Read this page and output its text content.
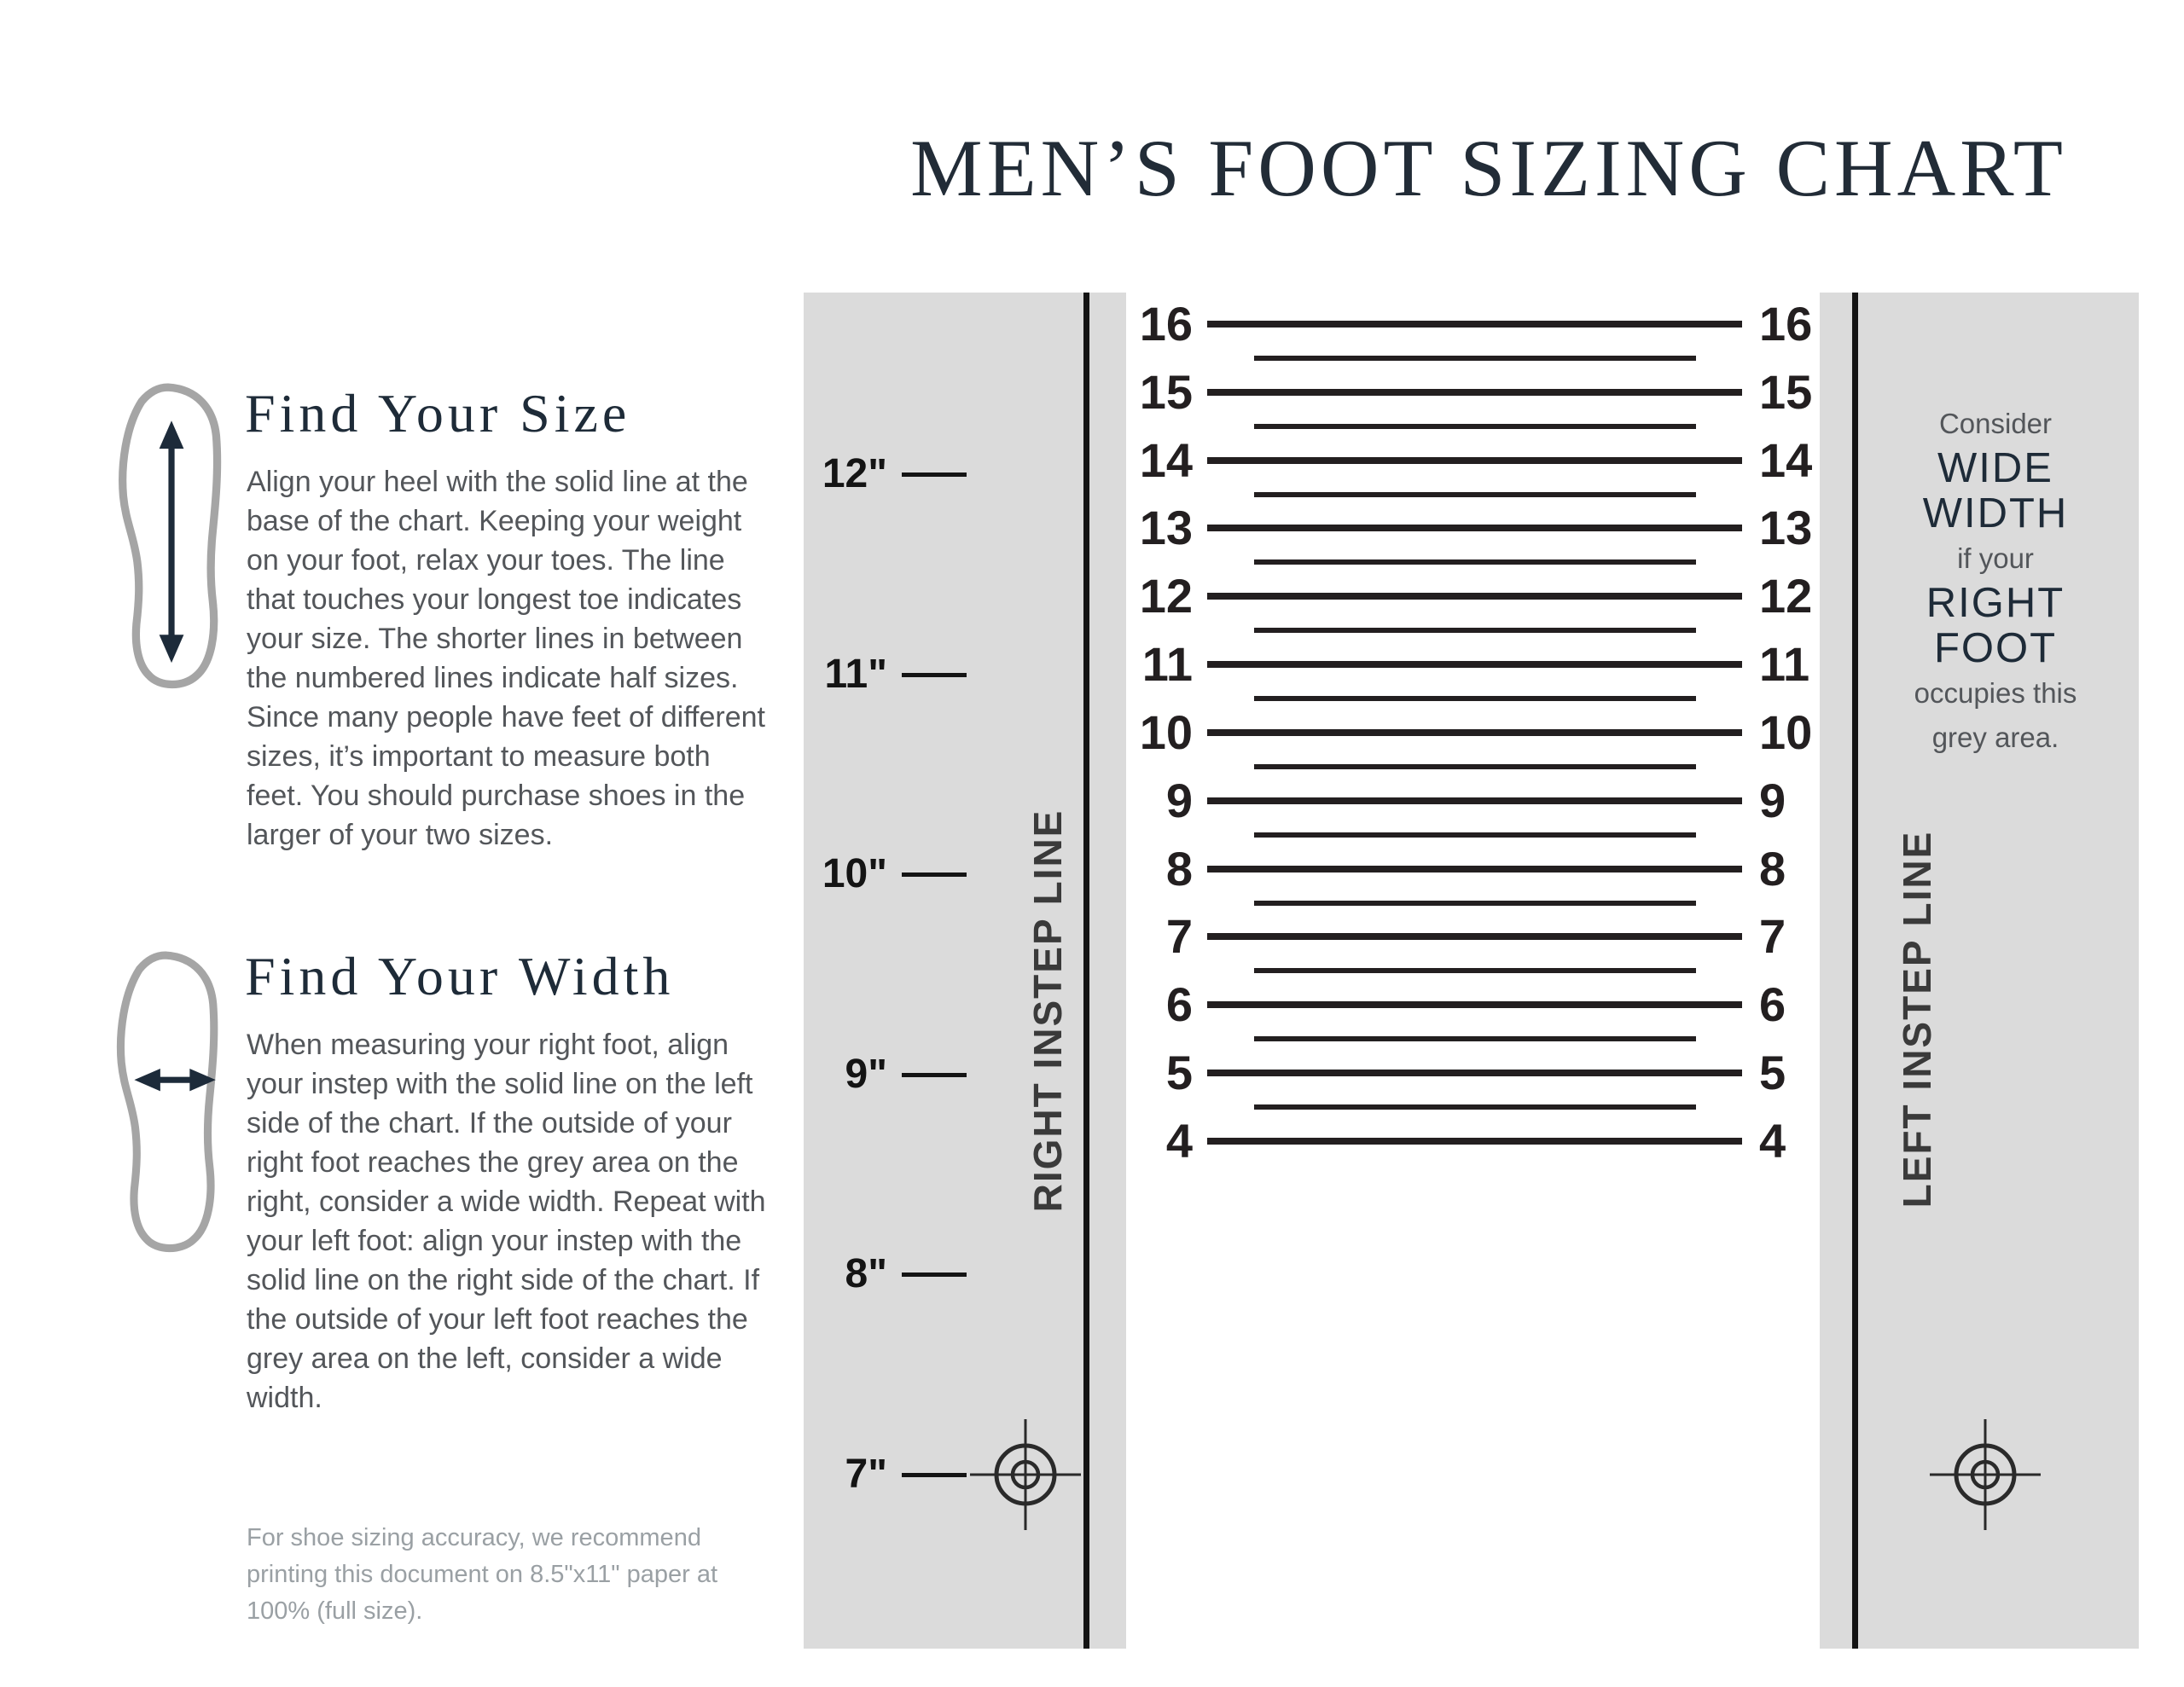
MEN’S FOOT SIZING CHART
Find Your Size

Align your heel with the solid line at the base of the chart. Keeping your weight on your foot, relax your toes. The line that touches your longest toe indicates your size. The shorter lines in between the numbered lines indicate half sizes. Since many people have feet of different sizes, it’s important to measure both feet. You should purchase shoes in the larger of your two sizes.

Find Your Width

When measuring your right foot, align your instep with the solid line on the left side of the chart. If the outside of your right foot reaches the grey area on the right, consider a wide width. Repeat with your left foot: align your instep with the solid line on the right side of the chart. If the outside of your left foot reaches the grey area on the left, consider a wide width.

For shoe sizing accuracy, we recommend printing this document on 8.5"x11" paper at 100% (full size).

12"
11"
10"
9"
8"
7"
RIGHT INSTEP LINE
16	16
15	15
14	14
13	13
12	12
11	11
10	10
9	9
8	8
7	7
6	6
5	5
4	4
Consider
WIDE
WIDTH
if your
RIGHT
FOOT
occupies this
grey area.
LEFT INSTEP LINE
